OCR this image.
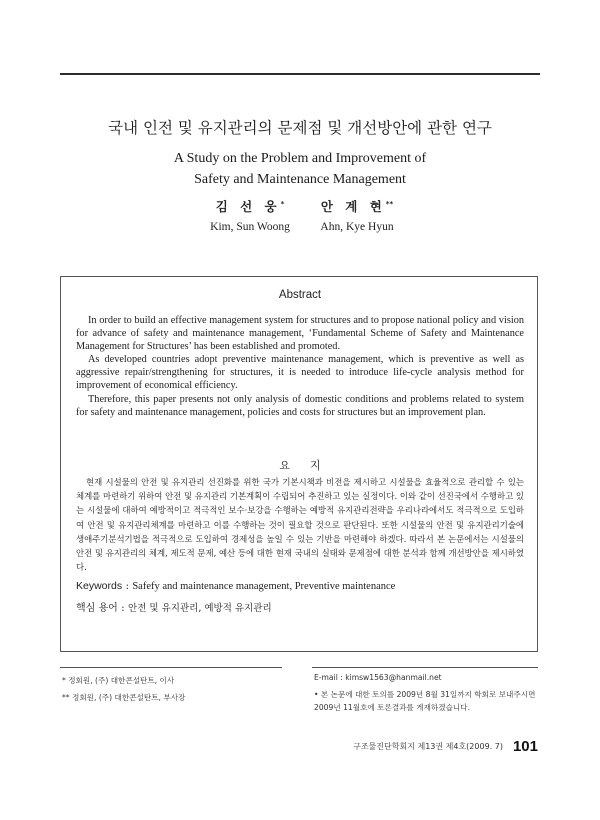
국내 인전 및 유지관리의 문제점 및 개선방안에 관한 연구
A Study on the Problem and Improvement of
Safety and Maintenance Management
김 선 웅*
Kim, Sun Woong
안 계 현**
Ahn, Kye Hyun
Abstract

In order to build an effective management system for structures and to propose national policy and vision for advance of safety and maintenance management, ‘Fundamental Scheme of Safety and Maintenance Management for Structures’ has been established and promoted.

As developed countries adopt preventive maintenance management, which is preventive as well as aggressive repair/strengthening for structures, it is needed to introduce life-cycle analysis method for improvement of economical efficiency.

Therefore, this paper presents not only analysis of domestic conditions and problems related to system for safety and maintenance management, policies and costs for structures but an improvement plan.

요지

현재 시설물의 안전 및 유지관리 선진화를 위한 국가 기본시책과 비전을 제시하고 시설물을 효율적으로 관리할 수 있는 체계를 마련하기 위하여 안전 및 유지관리 기본계획이 수립되어 추진하고 있는 실정이다. 이와 같이 선진국에서 수행하고 있는 시설물에 대하여 예방적이고 적극적인 보수·보강을 수행하는 예방적 유지관리전략을 우리나라에서도 적극적으로 도입하여 안전 및 유지관리체계를 마련하고 이를 수행하는 것이 필요할 것으로 판단된다. 또한 시설물의 안전 및 유지관리기술에 생애주기분석기법을 적극적으로 도입하여 경제성을 높일 수 있는 기반을 마련해야 하겠다. 따라서 본 논문에서는 시설물의 안전 및 유지관리의 체계, 제도적 문제, 예산 등에 대한 현재 국내의 실태와 문제점에 대한 분석과 함께 개선방안을 제시하였다.

Keywords : Safefy and maintenance management, Preventive maintenance
핵심 용어 : 안전 및 유지관리, 예방적 유지관리
* 정회원, (주) 대한콘설탄트, 이사
** 정회원, (주) 대한콘설탄트, 부사장
E-mail : kimsw1563@hanmail.net
• 본 논문에 대한 토의를 2009년 8월 31일까지 학회로 보내주시면 2009년 11월호에 토론결과를 게재하겠습니다.
구조물진단학회지 제13권 제4호(2009. 7) 101
